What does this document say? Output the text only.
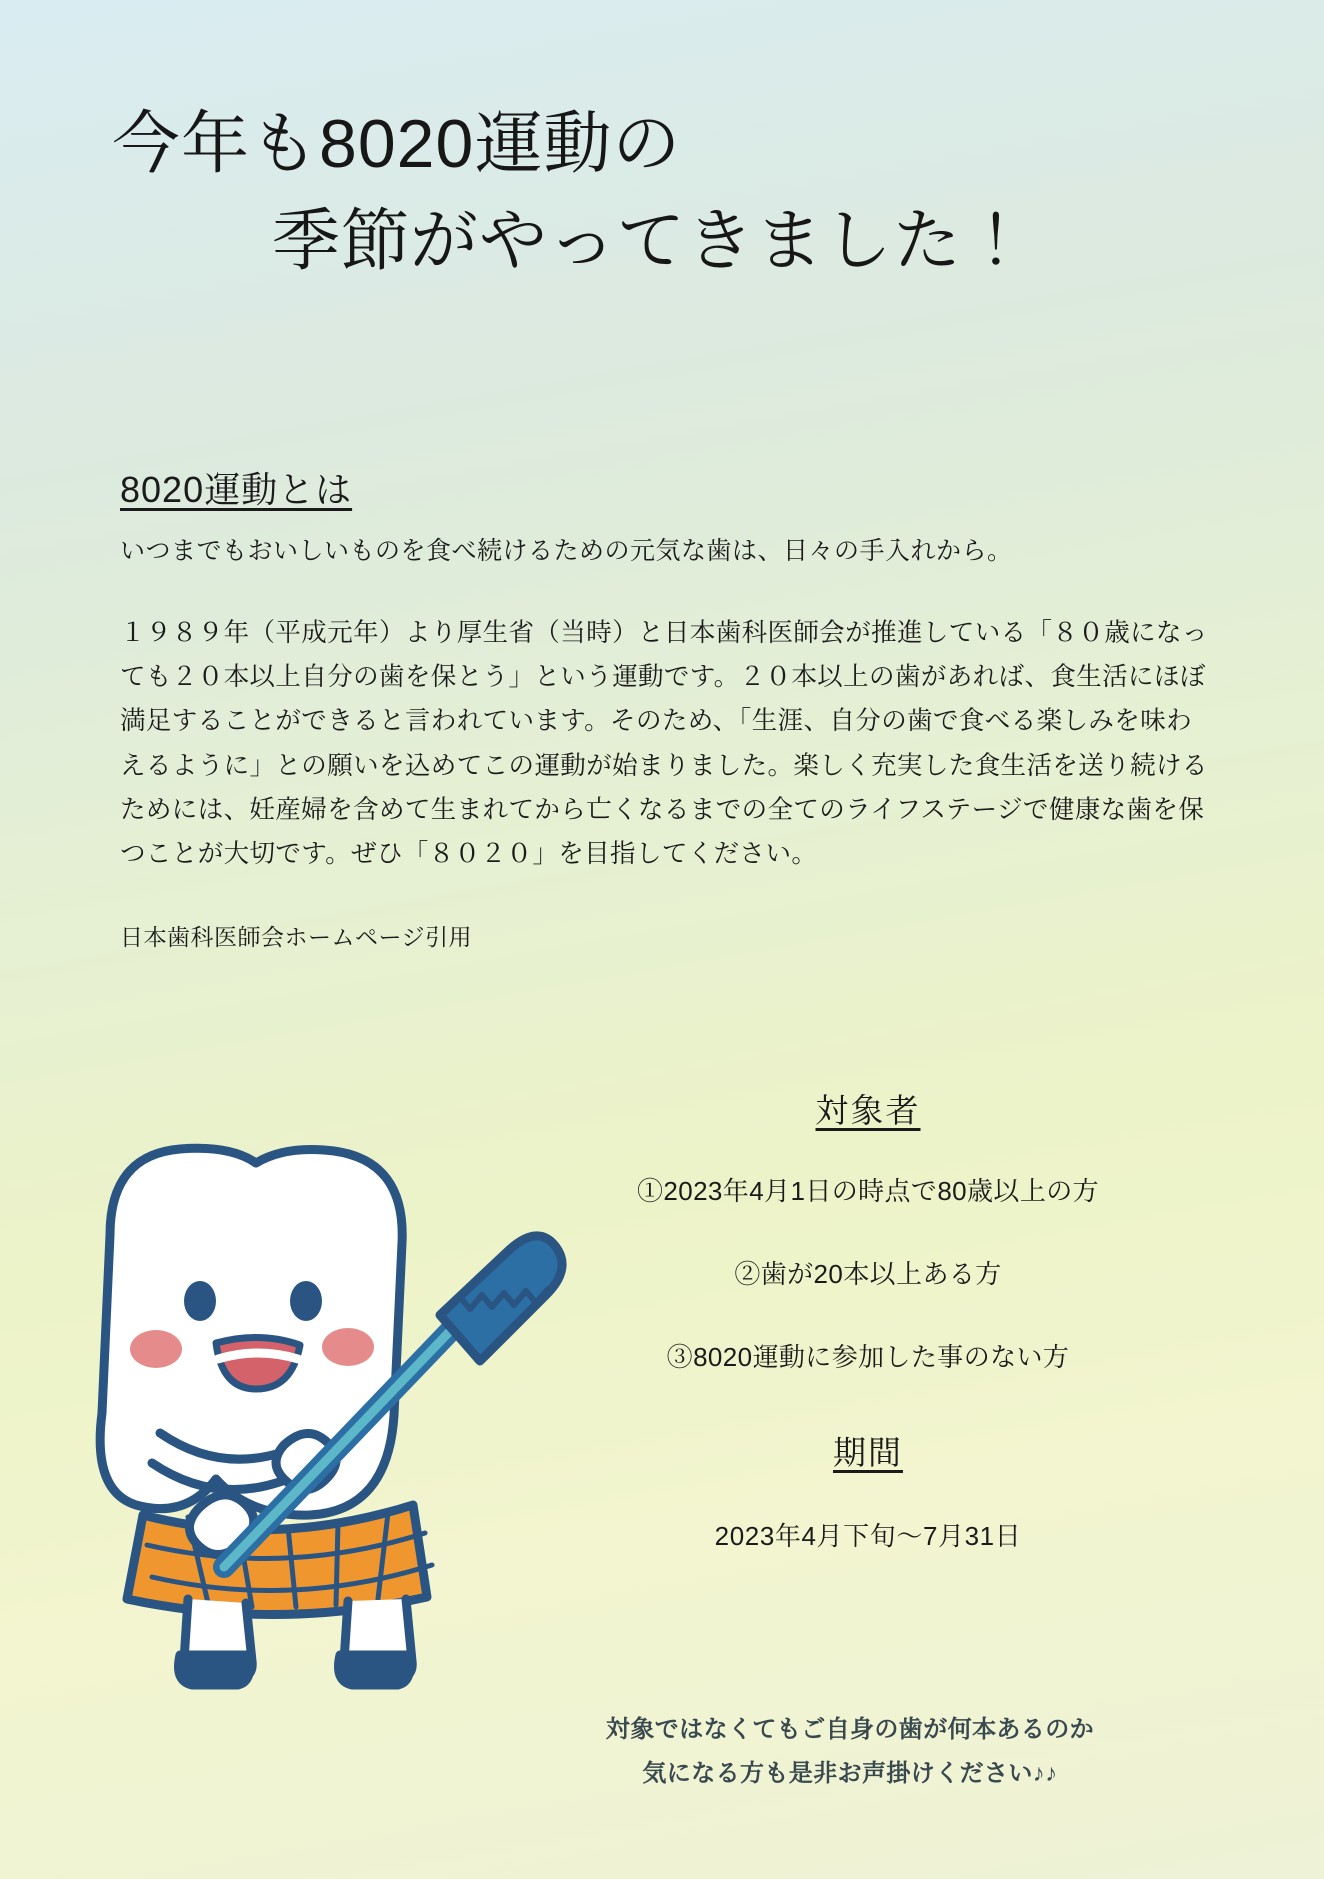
今年も8020運動の
季節がやってきました！
8020運動とは
いつまでもおいしいものを食べ続けるための元気な歯は、日々の手入れから。
１９８９年（平成元年）より厚生省（当時）と日本歯科医師会が推進している「８０歳になっても２０本以上自分の歯を保とう」という運動です。２０本以上の歯があれば、食生活にほぼ満足することができると言われています。そのため、「生涯、自分の歯で食べる楽しみを味わえるように」との願いを込めてこの運動が始まりました。楽しく充実した食生活を送り続けるためには、妊産婦を含めて生まれてから亡くなるまでの全てのライフステージで健康な歯を保つことが大切です。ぜひ「８０２０」を目指してください。
日本歯科医師会ホームページ引用
対象者
①2023年4月1日の時点で80歳以上の方
②歯が20本以上ある方
③8020運動に参加した事のない方
期間
2023年4月下旬〜7月31日
対象ではなくてもご自身の歯が何本あるのか
気になる方も是非お声掛けください♪♪
